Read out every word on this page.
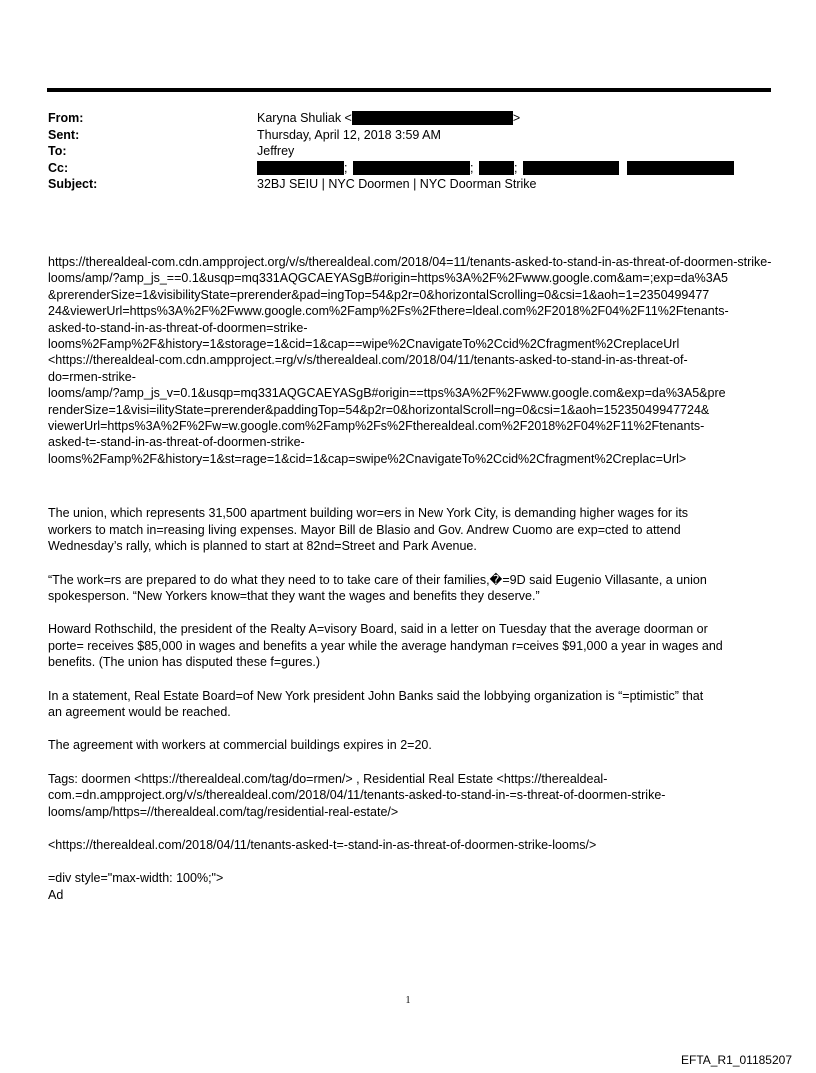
From:	Karyna Shuliak <	>
Sent:	Thursday, April 12, 2018 3:59 AM
To:	Jeffrey
Cc:	;	;	;
Subject:	32BJ SEIU | NYC Doormen | NYC Doorman Strike

https://therealdeal-com.cdn.ampproject.org/v/s/therealdeal.com/2018/04=11/tenants-asked-to-stand-in-as-threat-of-doormen-strike-
looms/amp/?amp_js_==0.1&usqp=mq331AQGCAEYASgB#origin=https%3A%2F%2Fwww.google.com&am=;exp=da%3A5
&prerenderSize=1&visibilityState=prerender&pad=ingTop=54&p2r=0&horizontalScrolling=0&csi=1&aoh=1=2350499477
24&viewerUrl=https%3A%2F%2Fwww.google.com%2Famp%2Fs%2Fthere=ldeal.com%2F2018%2F04%2F11%2Ftenants-
asked-to-stand-in-as-threat-of-doormen=strike-
looms%2Famp%2F&history=1&storage=1&cid=1&cap==wipe%2CnavigateTo%2Ccid%2Cfragment%2CreplaceUrl
<https://therealdeal-com.cdn.ampproject.=rg/v/s/therealdeal.com/2018/04/11/tenants-asked-to-stand-in-as-threat-of-
do=rmen-strike-
looms/amp/?amp_js_v=0.1&usqp=mq331AQGCAEYASgB#origin==ttps%3A%2F%2Fwww.google.com&exp=da%3A5&pre
renderSize=1&visi=ilityState=prerender&paddingTop=54&p2r=0&horizontalScroll=ng=0&csi=1&aoh=15235049947724&
viewerUrl=https%3A%2F%2Fw=w.google.com%2Famp%2Fs%2Ftherealdeal.com%2F2018%2F04%2F11%2Ftenants-
asked-t=-stand-in-as-threat-of-doormen-strike-
looms%2Famp%2F&history=1&st=rage=1&cid=1&cap=swipe%2CnavigateTo%2Ccid%2Cfragment%2Creplac=Url>

The union, which represents 31,500 apartment building wor=ers in New York City, is demanding higher wages for its
workers to match in=reasing living expenses. Mayor Bill de Blasio and Gov. Andrew Cuomo are exp=cted to attend
Wednesday’s rally, which is planned to start at 82nd=Street and Park Avenue.

“The work=rs are prepared to do what they need to to take care of their families,�=9D said Eugenio Villasante, a union
spokesperson. “New Yorkers know=that they want the wages and benefits they deserve.”

Howard Rothschild, the president of the Realty A=visory Board, said in a letter on Tuesday that the average doorman or
porte= receives $85,000 in wages and benefits a year while the average handyman r=ceives $91,000 a year in wages and
benefits. (The union has disputed these f=gures.)

In a statement, Real Estate Board=of New York president John Banks said the lobbying organization is “=ptimistic” that
an agreement would be reached.

The agreement with workers at commercial buildings expires in 2=20.

Tags: doormen <https://therealdeal.com/tag/do=rmen/> , Residential Real Estate <https://therealdeal-
com.=dn.ampproject.org/v/s/therealdeal.com/2018/04/11/tenants-asked-to-stand-in-=s-threat-of-doormen-strike-
looms/amp/https=//therealdeal.com/tag/residential-real-estate/>

<https://therealdeal.com/2018/04/11/tenants-asked-t=-stand-in-as-threat-of-doormen-strike-looms/>

=div style="max-width: 100%;">
Ad

1
EFTA_R1_01185207
